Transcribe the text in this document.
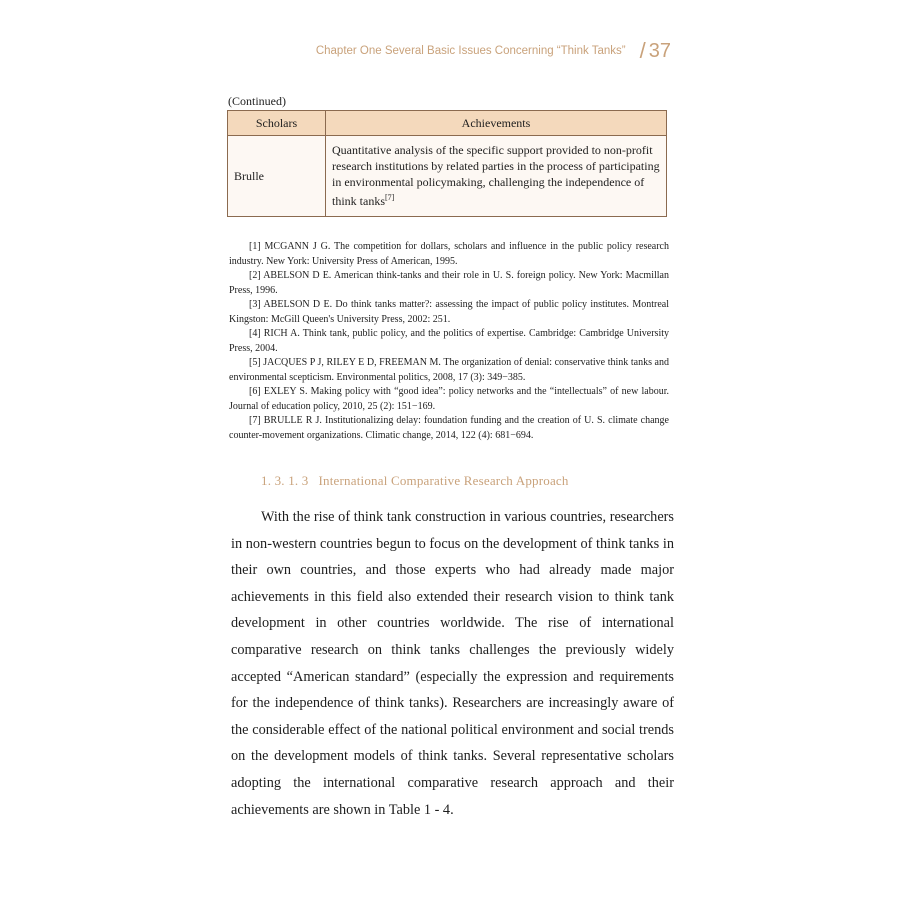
Chapter One Several Basic Issues Concerning “Think Tanks” / 37
(Continued)
Scholars	Achievements
Brulle	Quantitative analysis of the specific support provided to non-profit research institutions by related parties in the process of participating in environmental policymaking, challenging the independence of think tanks[7]

[1] MCGANN J G. The competition for dollars, scholars and influence in the public policy research industry. New York: University Press of American, 1995.

[2] ABELSON D E. American think-tanks and their role in U. S. foreign policy. New York: Macmillan Press, 1996.

[3] ABELSON D E. Do think tanks matter?: assessing the impact of public policy institutes. Montreal Kingston: McGill Queen's University Press, 2002: 251.

[4] RICH A. Think tank, public policy, and the politics of expertise. Cambridge: Cambridge University Press, 2004.

[5] JACQUES P J, RILEY E D, FREEMAN M. The organization of denial: conservative think tanks and environmental scepticism. Environmental politics, 2008, 17 (3): 349−385.

[6] EXLEY S. Making policy with “good idea”: policy networks and the “intellectuals” of new labour. Journal of education policy, 2010, 25 (2): 151−169.

[7] BRULLE R J. Institutionalizing delay: foundation funding and the creation of U. S. climate change counter-movement organizations. Climatic change, 2014, 122 (4): 681−694.

1. 3. 1. 3 International Comparative Research Approach

With the rise of think tank construction in various countries, researchers in non-western countries begun to focus on the development of think tanks in their own countries, and those experts who had already made major achievements in this field also extended their research vision to think tank development in other countries worldwide. The rise of international comparative research on think tanks challenges the previously widely accepted “American standard” (especially the expression and requirements for the independence of think tanks). Researchers are increasingly aware of the considerable effect of the national political environment and social trends on the development models of think tanks. Several representative scholars adopting the international comparative research approach and their achievements are shown in Table 1 - 4.
